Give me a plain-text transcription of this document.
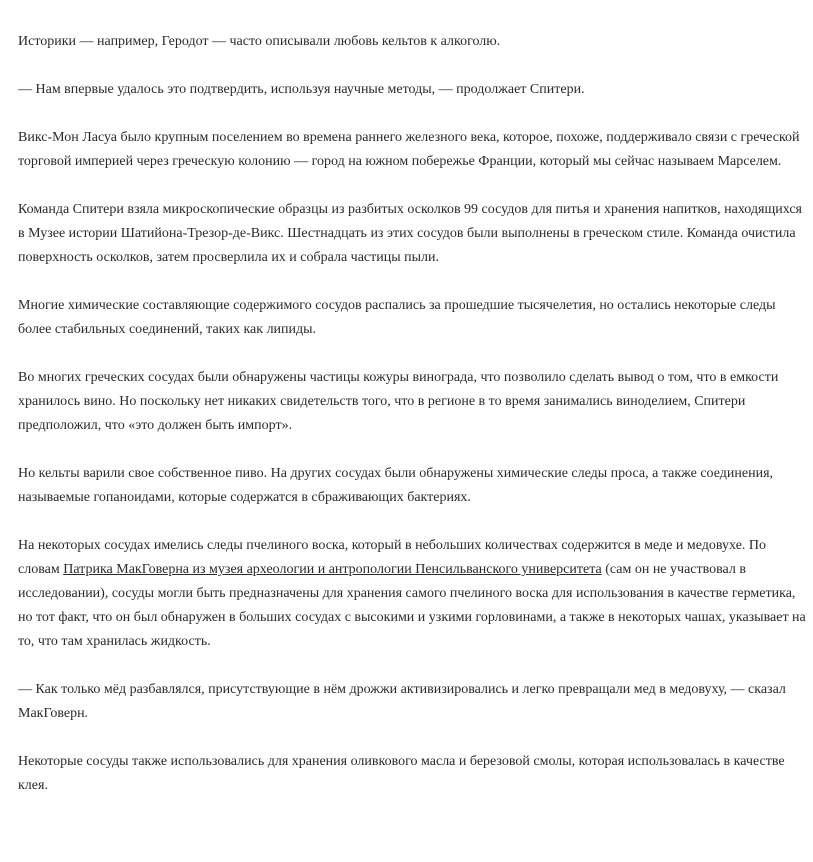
Историки — например, Геродот — часто описывали любовь кельтов к алкоголю.

— Нам впервые удалось это подтвердить, используя научные методы, — продолжает Спитери.

Викс-Мон Ласуа было крупным поселением во времена раннего железного века, которое, похоже, поддерживало связи с греческой торговой империей через греческую колонию — город на южном побережье Франции, который мы сейчас называем Марселем.

Команда Спитери взяла микроскопические образцы из разбитых осколков 99 сосудов для питья и хранения напитков, находящихся в Музее истории Шатийона-Трезор-де-Викс. Шестнадцать из этих сосудов были выполнены в греческом стиле. Команда очистила поверхность осколков, затем просверлила их и собрала частицы пыли.

Многие химические составляющие содержимого сосудов распались за прошедшие тысячелетия, но остались некоторые следы более стабильных соединений, таких как липиды.

Во многих греческих сосудах были обнаружены частицы кожуры винограда, что позволило сделать вывод о том, что в емкости хранилось вино. Но поскольку нет никаких свидетельств того, что в регионе в то время занимались виноделием, Спитери предположил, что «это должен быть импорт».

Но кельты варили свое собственное пиво. На других сосудах были обнаружены химические следы проса, а также соединения, называемые гопаноидами, которые содержатся в сбраживающих бактериях.

На некоторых сосудах имелись следы пчелиного воска, который в небольших количествах содержится в меде и медовухе. По словам Патрика МакГоверна из музея археологии и антропологии Пенсильванского университета (сам он не участвовал в исследовании), сосуды могли быть предназначены для хранения самого пчелиного воска для использования в качестве герметика, но тот факт, что он был обнаружен в больших сосудах с высокими и узкими горловинами, а также в некоторых чашах, указывает на то, что там хранилась жидкость.

— Как только мёд разбавлялся, присутствующие в нём дрожжи активизировались и легко превращали мед в медовуху, — сказал МакГоверн.

Некоторые сосуды также использовались для хранения оливкового масла и березовой смолы, которая использовалась в качестве клея.
